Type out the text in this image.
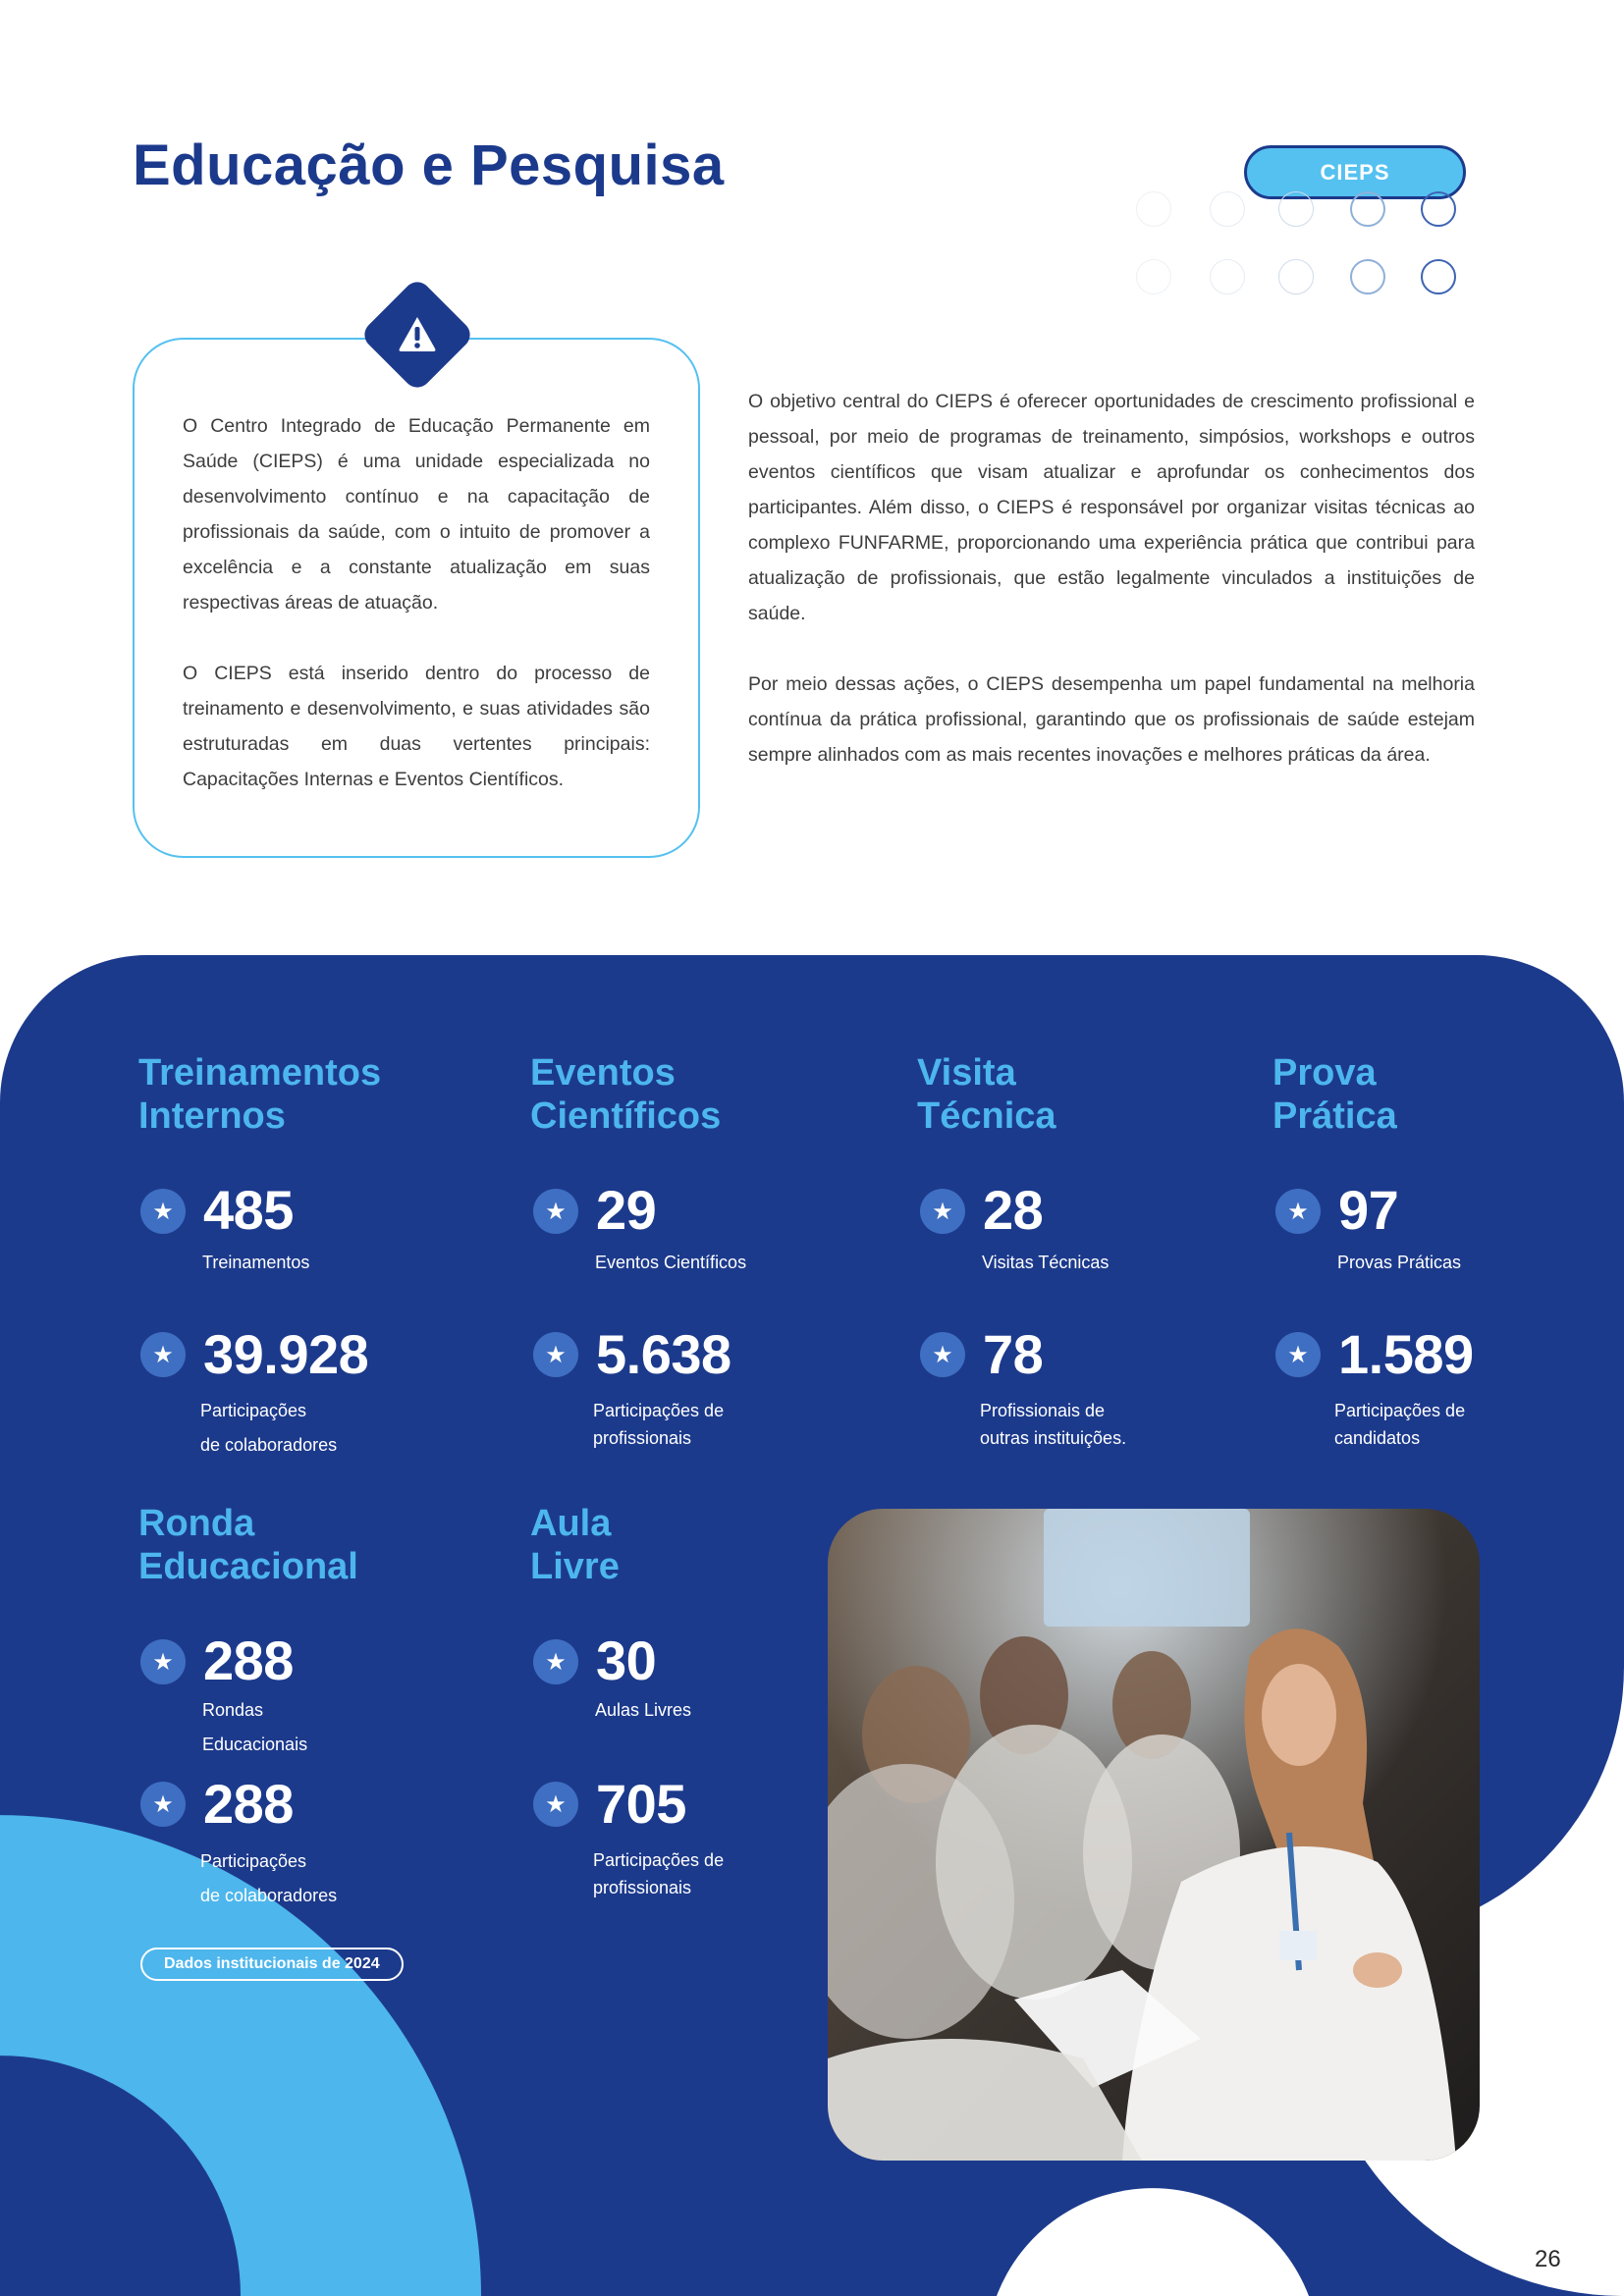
Educação e Pesquisa	CIEPS

O Centro Integrado de Educação Permanente em Saúde (CIEPS) é uma unidade especializada no desenvolvimento contínuo e na capacitação de profissionais da saúde, com o intuito de promover a excelência e a constante atualização em suas respectivas áreas de atuação.

O CIEPS está inserido dentro do processo de treinamento e desenvolvimento, e suas atividades são estruturadas em duas vertentes principais: Capacitações Internas e Eventos Científicos.

O objetivo central do CIEPS é oferecer oportunidades de crescimento profissional e pessoal, por meio de programas de treinamento, simpósios, workshops e outros eventos científicos que visam atualizar e aprofundar os conhecimentos dos participantes. Além disso, o CIEPS é responsável por organizar visitas técnicas ao complexo FUNFARME, proporcionando uma experiência prática que contribui para atualização de profissionais, que estão legalmente vinculados a instituições de saúde.

Por meio dessas ações, o CIEPS desempenha um papel fundamental na melhoria contínua da prática profissional, garantindo que os profissionais de saúde estejam sempre alinhados com as mais recentes inovações e melhores práticas da área.

Treinamentos
Internos
★ 485
Treinamentos
★ 39.928
Participações
de colaboradores
Eventos
Científicos
★ 29
Eventos Científicos
★ 5.638
Participações de
profissionais
Visita
Técnica
★ 28
Visitas Técnicas
★ 78
Profissionais de
outras instituições.
Prova
Prática
★ 97
Provas Práticas
★ 1.589
Participações de
candidatos
Ronda
Educacional
★ 288
Rondas
Educacionais
★ 288
Participações
de colaboradores
Aula
Livre
★ 30
Aulas Livres
★ 705
Participações de
profissionais
Dados institucionais de 2024
26
